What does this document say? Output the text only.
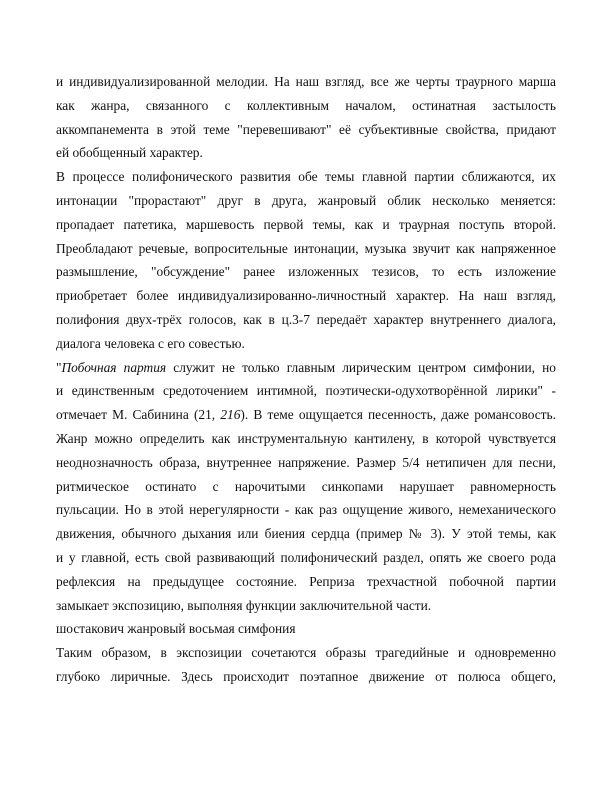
и индивидуализированной мелодии. На наш взгляд, все же черты траурного марша
как жанра, связанного с коллективным началом, остинатная застылость
аккомпанемента в этой теме "перевешивают" её субъективные свойства, придают
ей обобщенный характер.
В процессе полифонического развития обе темы главной партии сближаются, их
интонации "прорастают" друг в друга, жанровый облик несколько меняется:
пропадает патетика, маршевость первой темы, как и траурная поступь второй.
Преобладают речевые, вопросительные интонации, музыка звучит как напряженное
размышление, "обсуждение" ранее изложенных тезисов, то есть изложение
приобретает более индивидуализированно-личностный характер. На наш взгляд,
полифония двух-трёх голосов, как в ц.3-7 передаёт характер внутреннего диалога,
диалога человека с его совестью.
"Побочная партия служит не только главным лирическим центром симфонии, но
и единственным средоточением интимной, поэтически-одухотворённой лирики" -
отмечает М. Сабинина (21, 216). В теме ощущается песенность, даже романсовость.
Жанр можно определить как инструментальную кантилену, в которой чувствуется
неоднозначность образа, внутреннее напряжение. Размер 5/4 нетипичен для песни,
ритмическое остинато с нарочитыми синкопами нарушает равномерность
пульсации. Но в этой нерегулярности - как раз ощущение живого, немеханического
движения, обычного дыхания или биения сердца (пример № 3). У этой темы, как
и у главной, есть свой развивающий полифонический раздел, опять же своего рода
рефлексия на предыдущее состояние. Реприза трехчастной побочной партии
замыкает экспозицию, выполняя функции заключительной части.
шостакович жанровый восьмая симфония
Таким образом, в экспозиции сочетаются образы трагедийные и одновременно
глубоко лиричные. Здесь происходит поэтапное движение от полюса общего,
